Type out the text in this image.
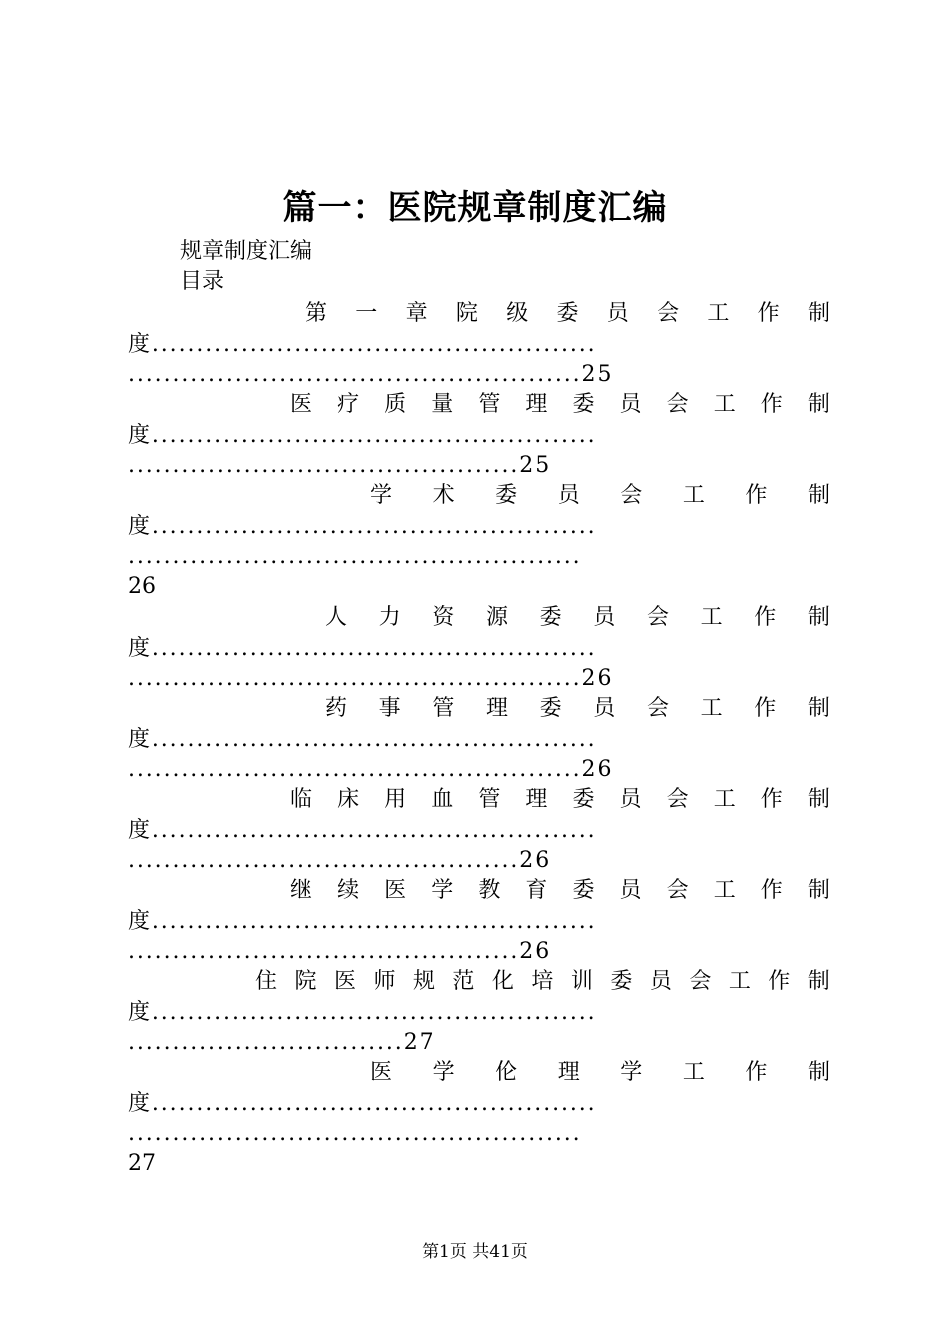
篇一：医院规章制度汇编
规章制度汇编
目录
第 一 章 院 级 委 员 会 工 作 制
度..................................................
...................................................25
医 疗 质 量 管 理 委 员 会 工 作 制
度..................................................
............................................25
学 术 委 员 会 工 作 制
度..................................................
...................................................
26
人 力 资 源 委 员 会 工 作 制
度..................................................
...................................................26
药 事 管 理 委 员 会 工 作 制
度..................................................
...................................................26
临 床 用 血 管 理 委 员 会 工 作 制
度..................................................
............................................26
继 续 医 学 教 育 委 员 会 工 作 制
度..................................................
............................................26
住 院 医 师 规 范 化 培 训 委 员 会 工 作 制
度..................................................
...............................27
医 学 伦 理 学 工 作 制
度..................................................
...................................................
27
第1页 共41页
